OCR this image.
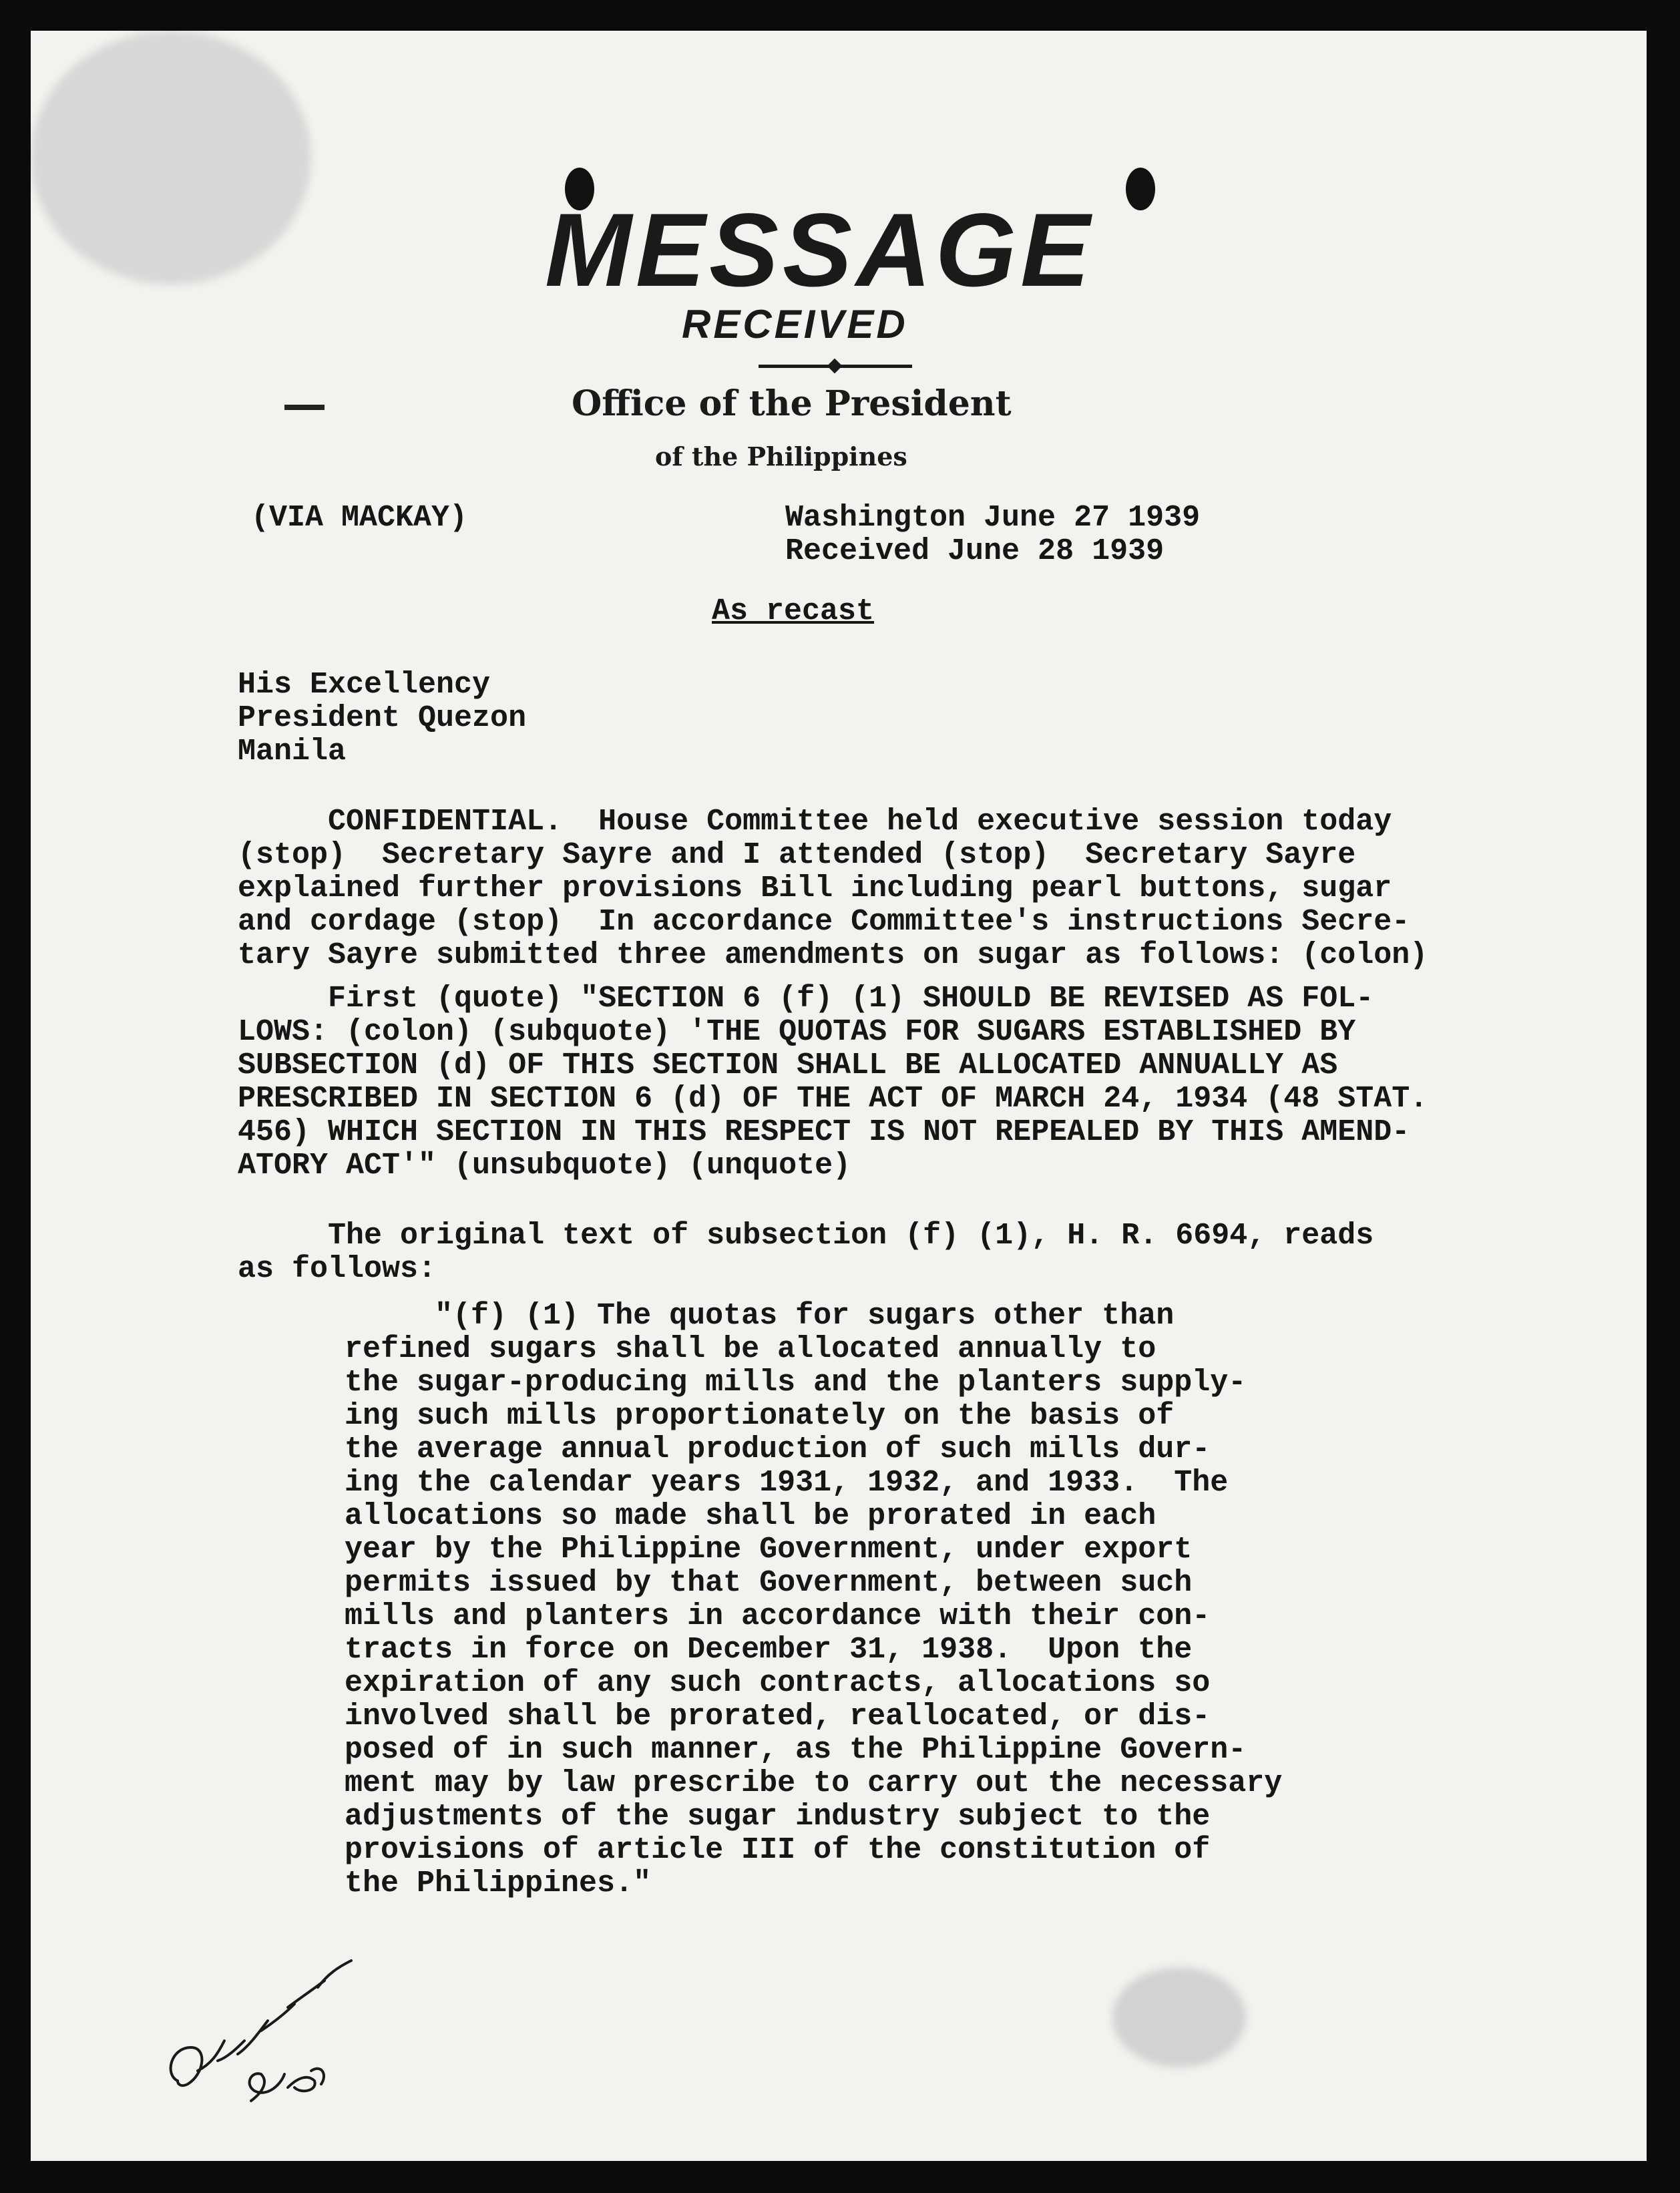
MESSAGE
RECEIVED
Office of the President
of the Philippines

(VIA MACKAY)	Washington June 27 1939

Received June 28 1939

As recast

His Excellency

President Quezon

Manila

CONFIDENTIAL.  House Committee held executive session today
(stop)  Secretary Sayre and I attended (stop)  Secretary Sayre
explained further provisions Bill including pearl buttons, sugar
and cordage (stop)  In accordance Committee's instructions Secre-
tary Sayre submitted three amendments on sugar as follows: (colon)

First (quote) "SECTION 6 (f) (1) SHOULD BE REVISED AS FOL-
LOWS: (colon) (subquote) 'THE QUOTAS FOR SUGARS ESTABLISHED BY
SUBSECTION (d) OF THIS SECTION SHALL BE ALLOCATED ANNUALLY AS
PRESCRIBED IN SECTION 6 (d) OF THE ACT OF MARCH 24, 1934 (48 STAT.
456) WHICH SECTION IN THIS RESPECT IS NOT REPEALED BY THIS AMEND-
ATORY ACT'" (unsubquote) (unquote)

The original text of subsection (f) (1), H. R. 6694, reads
as follows:

"(f) (1) The quotas for sugars other than
refined sugars shall be allocated annually to
the sugar-producing mills and the planters supply-
ing such mills proportionately on the basis of
the average annual production of such mills dur-
ing the calendar years 1931, 1932, and 1933.  The
allocations so made shall be prorated in each
year by the Philippine Government, under export
permits issued by that Government, between such
mills and planters in accordance with their con-
tracts in force on December 31, 1938.  Upon the
expiration of any such contracts, allocations so
involved shall be prorated, reallocated, or dis-
posed of in such manner, as the Philippine Govern-
ment may by law prescribe to carry out the necessary
adjustments of the sugar industry subject to the
provisions of article III of the constitution of
the Philippines."
